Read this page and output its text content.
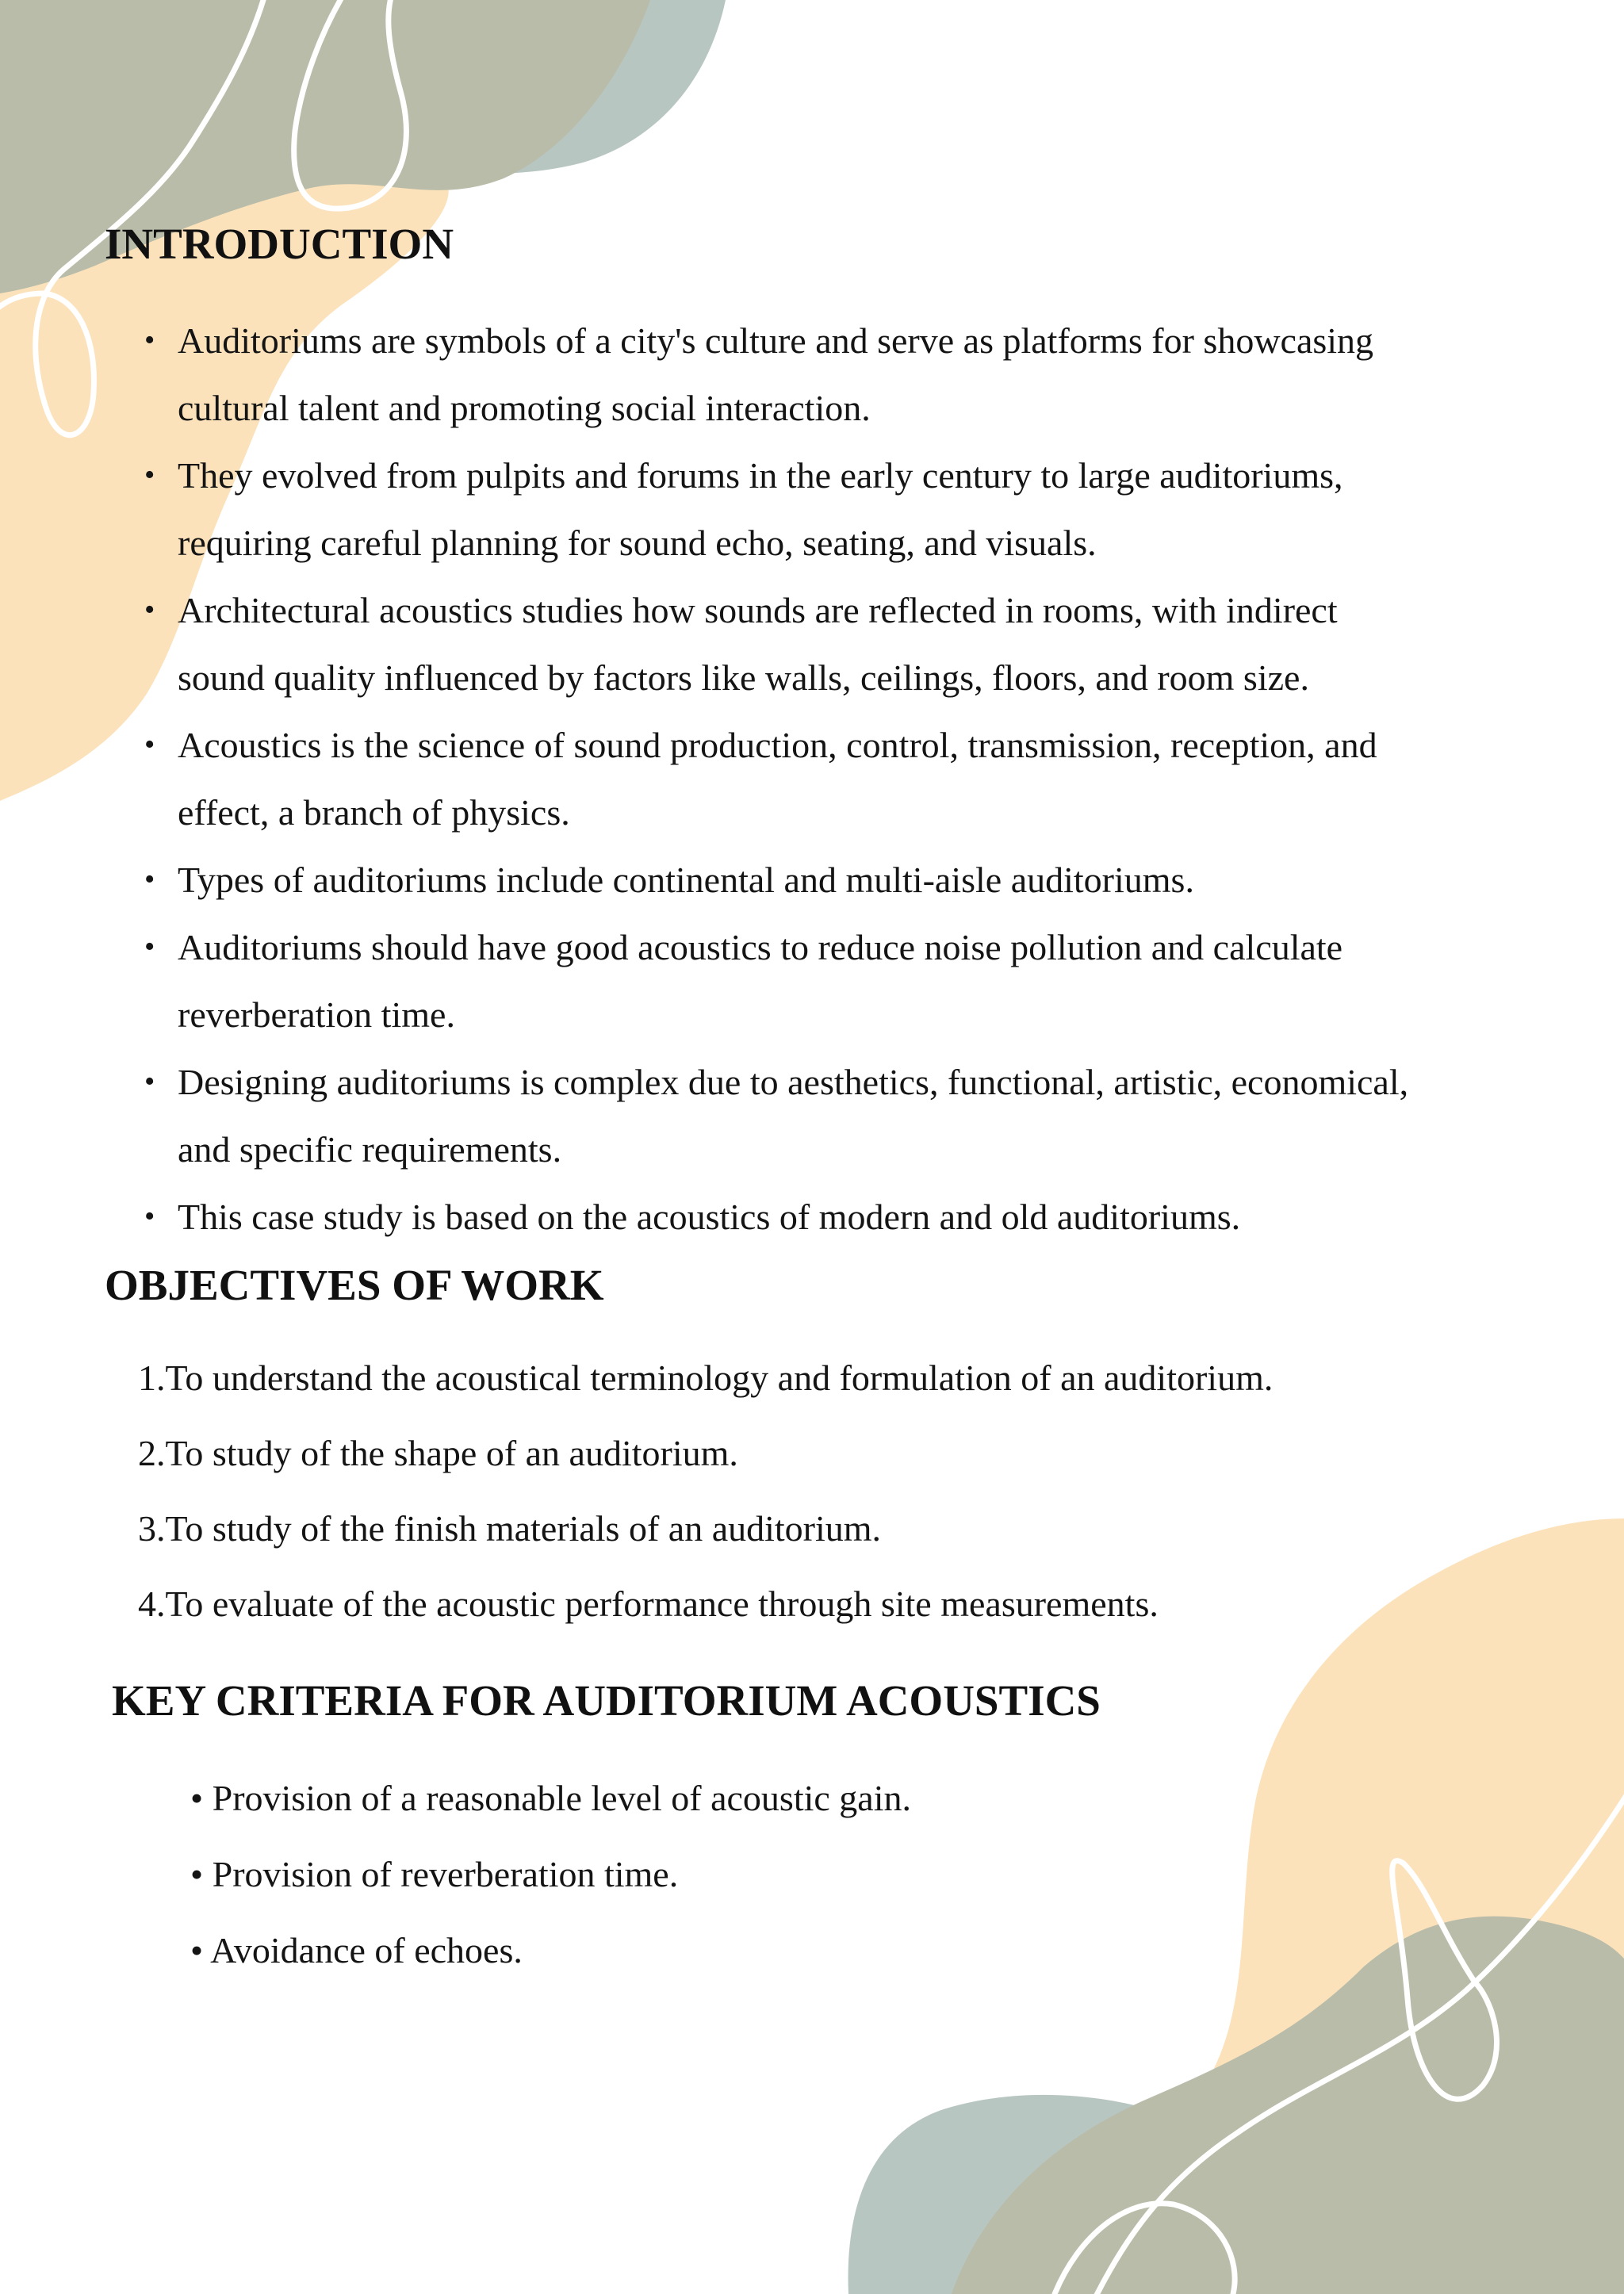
INTRODUCTION
• Auditoriums are symbols of a city's culture and serve as platforms for showcasing
cultural talent and promoting social interaction.
• They evolved from pulpits and forums in the early century to large auditoriums,
requiring careful planning for sound echo, seating, and visuals.
• Architectural acoustics studies how sounds are reflected in rooms, with indirect
sound quality influenced by factors like walls, ceilings, floors, and room size.
• Acoustics is the science of sound production, control, transmission, reception, and
effect, a branch of physics.
• Types of auditoriums include continental and multi-aisle auditoriums.
• Auditoriums should have good acoustics to reduce noise pollution and calculate
reverberation time.
• Designing auditoriums is complex due to aesthetics, functional, artistic, economical,
and specific requirements.
• This case study is based on the acoustics of modern and old auditoriums.
OBJECTIVES OF WORK
1.To understand the acoustical terminology and formulation of an auditorium.
2.To study of the shape of an auditorium.
3.To study of the finish materials of an auditorium.
4.To evaluate of the acoustic performance through site measurements.
KEY CRITERIA FOR AUDITORIUM ACOUSTICS
• Provision of a reasonable level of acoustic gain.
• Provision of reverberation time.
• Avoidance of echoes.
